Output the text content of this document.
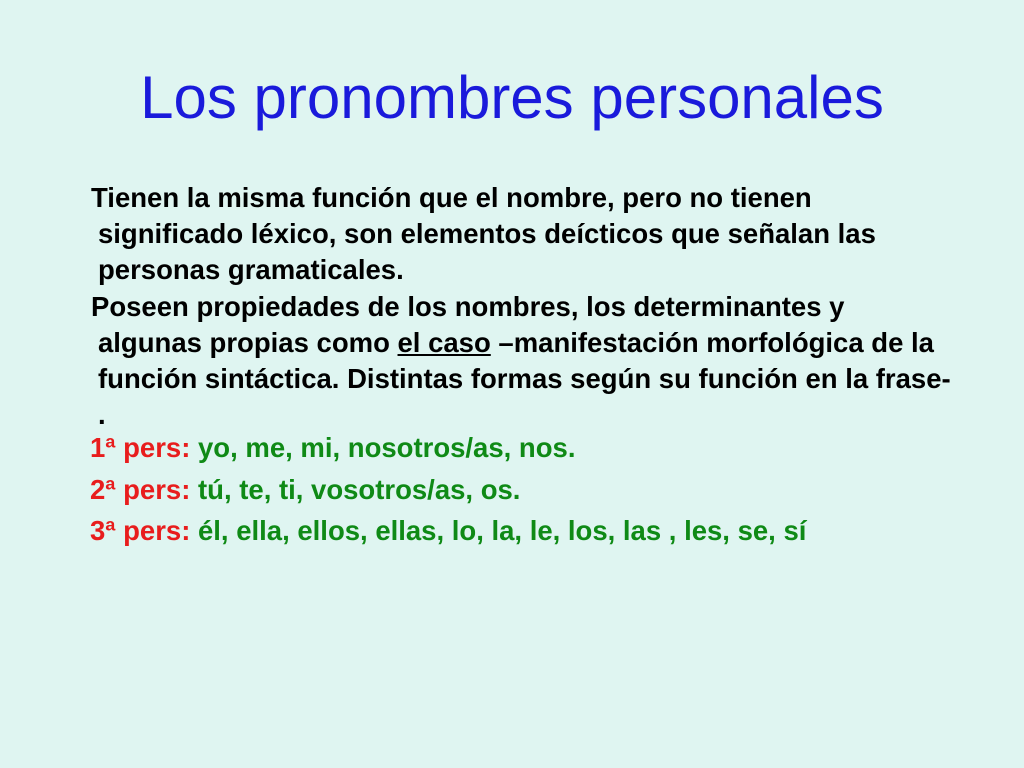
Los pronombres personales

Tienen la misma función que el nombre, pero no tienen
significado léxico, son elementos deícticos que señalan las
personas gramaticales.

Poseen propiedades de los nombres, los determinantes y
algunas propias como el caso –manifestación morfológica de la
función sintáctica. Distintas formas según su función en la frase-
.

1ª pers: yo, me, mi, nosotros/as, nos.

2ª pers: tú, te, ti, vosotros/as, os.

3ª pers: él, ella, ellos, ellas, lo, la, le, los, las , les, se, sí
